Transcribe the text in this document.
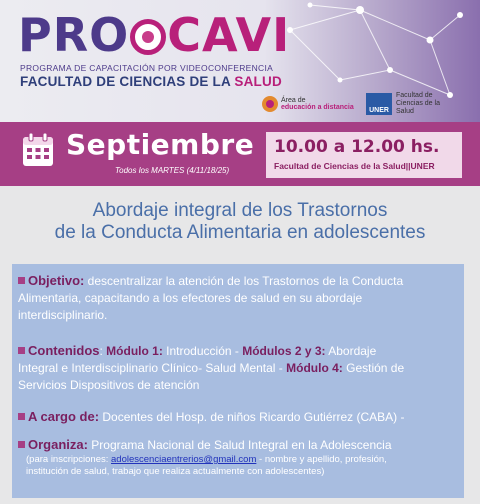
PRO CAVI
PROGRAMA DE CAPACITACIÓN POR VIDEOCONFERENCIA
FACULTAD DE CIENCIAS DE LA SALUD
Área de
educación a distancia	UNER
Facultad de Ciencias de la Salud
Septiembre
Todos los MARTES (4/11/18/25)
10.00 a 12.00 hs.
Facultad de Ciencias de la Salud||UNER
Abordaje integral de los Trastornos
de la Conducta Alimentaria en adolescentes
Objetivo: descentralizar la atención de los Trastornos de la Conducta
Alimentaria, capacitando a los efectores de salud en su abordaje
interdisciplinario.
Contenidos: Módulo 1: Introducción - Módulos 2 y 3: Abordaje
Integral e Interdisciplinario Clínico- Salud Mental - Módulo 4: Gestión de
Servicios Dispositivos de atención
A cargo de: Docentes del Hosp. de niños Ricardo Gutiérrez (CABA) -
Organiza: Programa Nacional de Salud Integral en la Adolescencia
(para inscripciones: adolescenciaentrerios@gmail.com - nombre y apellido, profesión,
institución de salud, trabajo que realiza actualmente con adolescentes)
